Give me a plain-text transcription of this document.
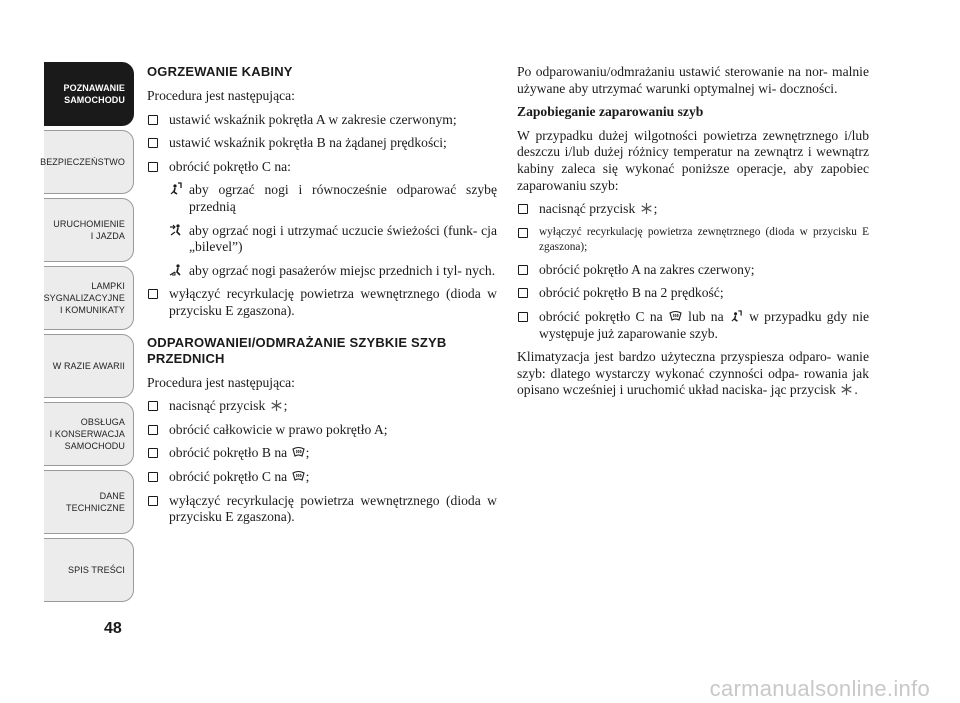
POZNAWANIE
SAMOCHODU
BEZPIECZEŃSTWO
URUCHOMIENIE
I JAZDA
LAMPKI
SYGNALIZACYJNE
I KOMUNIKATY
W RAZIE AWARII
OBSŁUGA
I KONSERWACJA
SAMOCHODU
DANE
TECHNICZNE
SPIS TREŚCI
48
OGRZEWANIE KABINY

Procedura jest następująca:

ustawić wskaźnik pokrętła A w zakresie czerwonym;
ustawić wskaźnik pokrętła B na żądanej prędkości;
obrócić pokrętło C na:
aby ogrzać nogi i równocześnie odparować szybę przednią
aby ogrzać nogi i utrzymać uczucie świeżości (funk- cja „bilevel”)
aby ogrzać nogi pasażerów miejsc przednich i tyl- nych.
wyłączyć recyrkulację powietrza wewnętrznego (dioda w przycisku E zgaszona).
ODPAROWANIEI/ODMRAŻANIE SZYBKIE SZYB PRZEDNICH

Procedura jest następująca:

nacisnąć przycisk ;
obrócić całkowicie w prawo pokrętło A;
obrócić pokrętło B na ;
obrócić pokrętło C na ;
wyłączyć recyrkulację powietrza wewnętrznego (dioda w przycisku E zgaszona).

Po odparowaniu/odmrażaniu ustawić sterowanie na nor- malnie używane aby utrzymać warunki optymalnej wi- doczności.

Zapobieganie zaparowaniu szyb

W przypadku dużej wilgotności powietrza zewnętrznego i/lub deszczu i/lub dużej różnicy temperatur na zewnątrz i wewnątrz kabiny zaleca się wykonać poniższe operacje, aby zapobiec zaparowaniu szyb:

nacisnąć przycisk ;
wyłączyć recyrkulację powietrza zewnętrznego (dioda w przycisku E zgaszona);
obrócić pokrętło A na zakres czerwony;
obrócić pokrętło B na 2 prędkość;
obrócić pokrętło C na lub na w przypadku gdy nie występuje już zaparowanie szyb.

Klimatyzacja jest bardzo użyteczna przyspiesza odparo- wanie szyb: dlatego wystarczy wykonać czynności odpa- rowania jak opisano wcześniej i uruchomić układ naciska- jąc przycisk .

carmanualsonline.info
